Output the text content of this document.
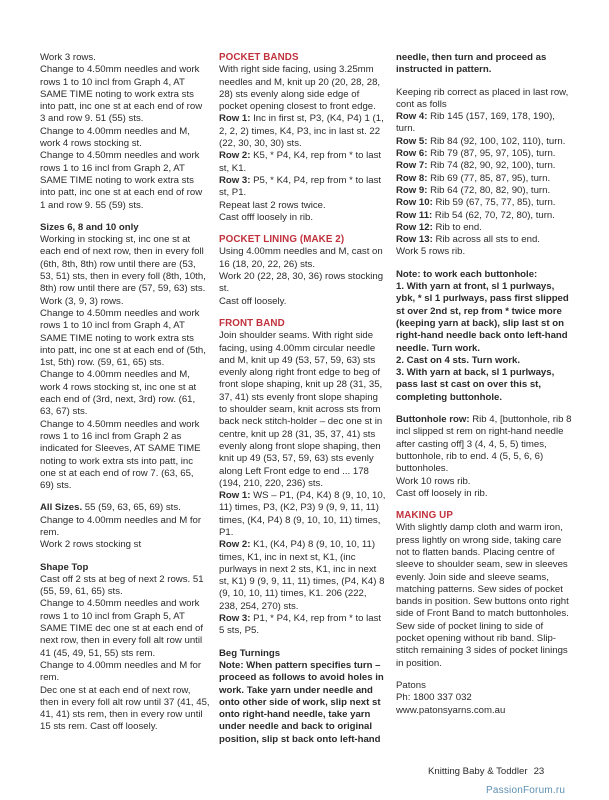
Work 3 rows.
Change to 4.50mm needles and work rows 1 to 10 incl from Graph 4, AT SAME TIME noting to work extra sts into patt, inc one st at each end of row 3 and row 9. 51 (55) sts.
Change to 4.00mm needles and M, work 4 rows stocking st.
Change to 4.50mm needles and work rows 1 to 16 incl from Graph 2, AT SAME TIME noting to work extra sts into patt, inc one st at each end of row 1 and row 9. 55 (59) sts.

Sizes 6, 8 and 10 only

Working in stocking st, inc one st at each end of next row, then in every foll (6th, 8th, 8th) row until there are (53, 53, 51) sts, then in every foll (8th, 10th, 8th) row until there are (57, 59, 63) sts.
Work (3, 9, 3) rows.
Change to 4.50mm needles and work rows 1 to 10 incl from Graph 4, AT SAME TIME noting to work extra sts into patt, inc one st at each end of (5th, 1st, 5th) row. (59, 61, 65) sts.
Change to 4.00mm needles and M, work 4 rows stocking st, inc one st at each end of (3rd, next, 3rd) row. (61, 63, 67) sts.
Change to 4.50mm needles and work rows 1 to 16 incl from Graph 2 as indicated for Sleeves, AT SAME TIME noting to work extra sts into patt, inc one st at each end of row 7. (63, 65, 69) sts.

All Sizes. 55 (59, 63, 65, 69) sts.
Change to 4.00mm needles and M for rem.
Work 2 rows stocking st

Shape Top

Cast off 2 sts at beg of next 2 rows. 51 (55, 59, 61, 65) sts.
Change to 4.50mm needles and work rows 1 to 10 incl from Graph 5, AT SAME TIME dec one st at each end of next row, then in every foll alt row until 41 (45, 49, 51, 55) sts rem.
Change to 4.00mm needles and M for rem.
Dec one st at each end of next row, then in every foll alt row until 37 (41, 45, 41, 41) sts rem, then in every row until 15 sts rem. Cast off loosely.

POCKET BANDS

With right side facing, using 3.25mm needles and M, knit up 20 (20, 28, 28, 28) sts evenly along side edge of pocket opening closest to front edge.

Row 1: Inc in first st, P3, (K4, P4) 1 (1, 2, 2, 2) times, K4, P3, inc in last st. 22 (22, 30, 30, 30) sts.

Row 2: K5, * P4, K4, rep from * to last st, K1.

Row 3: P5, * K4, P4, rep from * to last st, P1.

Repeat last 2 rows twice.
Cast offf loosely in rib.

POCKET LINING (MAKE 2)

Using 4.00mm needles and M, cast on 16 (18, 20, 22, 26) sts.
Work 20 (22, 28, 30, 36) rows stocking st.
Cast off loosely.

FRONT BAND

Join shoulder seams. With right side facing, using 4.00mm circular needle and M, knit up 49 (53, 57, 59, 63) sts evenly along right front edge to beg of front slope shaping, knit up 28 (31, 35, 37, 41) sts evenly front slope shaping to shoulder seam, knit across sts from back neck stitch-holder – dec one st in centre, knit up 28 (31, 35, 37, 41) sts evenly along front slope shaping, then knit up 49 (53, 57, 59, 63) sts evenly along Left Front edge to end ... 178 (194, 210, 220, 236) sts.

Row 1: WS – P1, (P4, K4) 8 (9, 10, 10, 11) times, P3, (K2, P3) 9 (9, 9, 11, 11) times, (K4, P4) 8 (9, 10, 10, 11) times, P1.

Row 2: K1, (K4, P4) 8 (9, 10, 10, 11) times, K1, inc in next st, K1, (inc purlways in next 2 sts, K1, inc in next st, K1) 9 (9, 9, 11, 11) times, (P4, K4) 8 (9, 10, 10, 11) times, K1. 206 (222, 238, 254, 270) sts.

Row 3: P1, * P4, K4, rep from * to last 5 sts, P5.

Beg Turnings

Note: When pattern specifies turn – proceed as follows to avoid holes in work. Take yarn under needle and onto other side of work, slip next st onto right-hand needle, take yarn under needle and back to original position, slip st back onto left-hand

needle, then turn and proceed as instructed in pattern.

Keeping rib correct as placed in last row, cont as folls

Row 4: Rib 145 (157, 169, 178, 190), turn.

Row 5: Rib 84 (92, 100, 102, 110), turn.

Row 6: Rib 79 (87, 95, 97, 105), turn.

Row 7: Rib 74 (82, 90, 92, 100), turn.

Row 8: Rib 69 (77, 85, 87, 95), turn.

Row 9: Rib 64 (72, 80, 82, 90), turn.

Row 10: Rib 59 (67, 75, 77, 85), turn.

Row 11: Rib 54 (62, 70, 72, 80), turn.

Row 12: Rib to end.

Row 13: Rib across all sts to end.

Work 5 rows rib.

Note: to work each buttonhole:
1. With yarn at front, sl 1 purlways, ybk, * sl 1 purlways, pass first slipped st over 2nd st, rep from * twice more (keeping yarn at back), slip last st on right-hand needle back onto left-hand needle. Turn work.
2. Cast on 4 sts. Turn work.
3. With yarn at back, sl 1 purlways, pass last st cast on over this st, completing buttonhole.

Buttonhole row: Rib 4, [buttonhole, rib 8 incl slipped st rem on right-hand needle after casting off] 3 (4, 4, 5, 5) times, buttonhole, rib to end. 4 (5, 5, 6, 6) buttonholes.
Work 10 rows rib.
Cast off loosely in rib.

MAKING UP

With slightly damp cloth and warm iron, press lightly on wrong side, taking care not to flatten bands. Placing centre of sleeve to shoulder seam, sew in sleeves evenly. Join side and sleeve seams, matching patterns. Sew sides of pocket bands in position. Sew buttons onto right side of Front Band to match buttonholes. Sew side of pocket lining to side of pocket opening without rib band. Slip-stitch remaining 3 sides of pocket linings in position.

Patons
Ph: 1800 337 032
www.patonsyarns.com.au

Knitting Baby & Toddler 23
PassionForum.ru
